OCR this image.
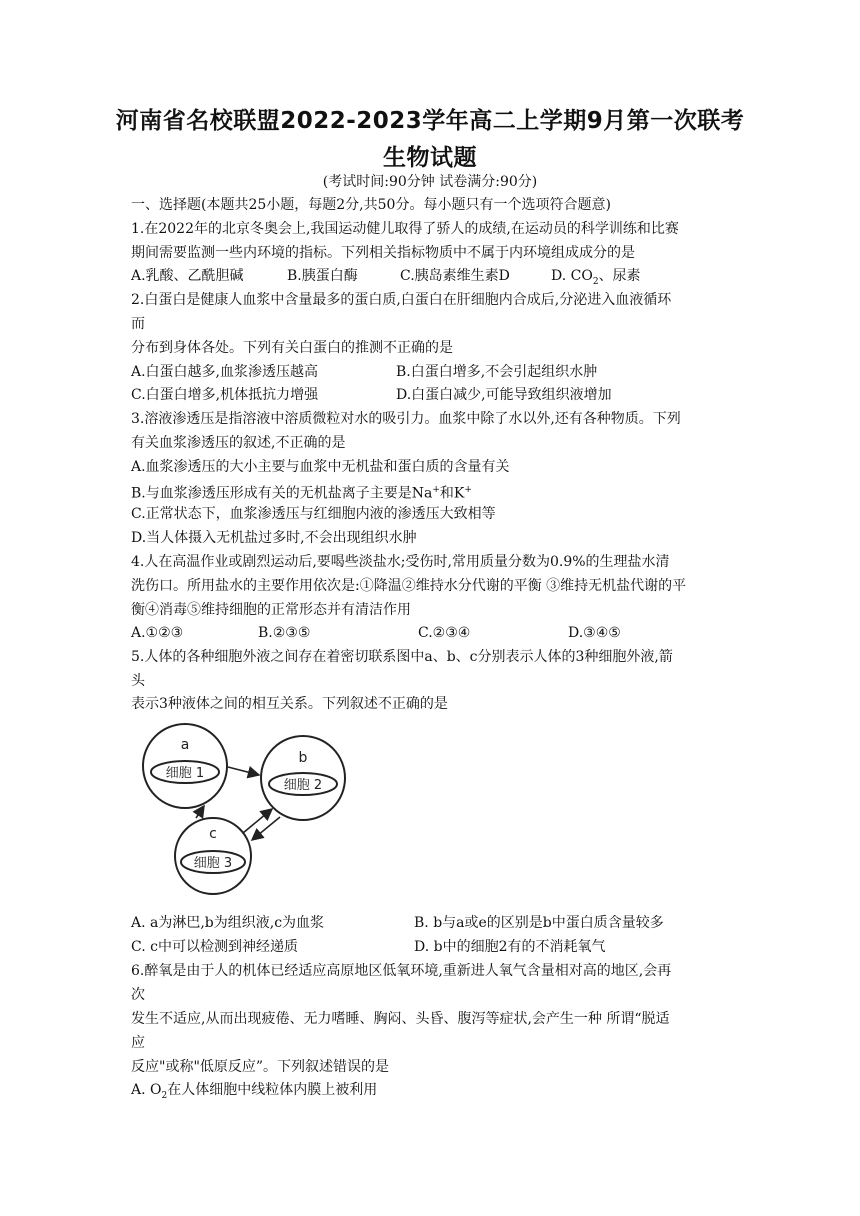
河南省名校联盟2022-2023学年高二上学期9月第一次联考
生物试题
(考试时间:90分钟 试卷满分:90分)
一、选择题(本题共25小题，每题2分,共50分。每小题只有一个选项符合题意)
1.在2022年的北京冬奥会上,我国运动健儿取得了骄人的成绩,在运动员的科学训练和比赛
期间需要监测一些内环境的指标。下列相关指标物质中不属于内环境组成成分的是
A.乳酸、乙酰胆碱	B.胰蛋白酶	C.胰岛素维生素D	D. $CO_2$、尿素
2.白蛋白是健康人血浆中含量最多的蛋白质,白蛋白在肝细胞内合成后,分泌进入血液循环
而
分布到身体各处。下列有关白蛋白的推测不正确的是
A.白蛋白越多,血浆渗透压越高	B.白蛋白增多,不会引起组织水肿
C.白蛋白增多,机体抵抗力增强	D.白蛋白减少,可能导致组织液增加
3.溶液渗透压是指溶液中溶质微粒对水的吸引力。血浆中除了水以外,还有各种物质。下列
有关血浆渗透压的叙述,不正确的是
A.血浆渗透压的大小主要与血浆中无机盐和蛋白质的含量有关
B.与血浆渗透压形成有关的无机盐离子主要是Na+和K+
C.正常状态下，血浆渗透压与红细胞内液的渗透压大致相等
D.当人体摄入无机盐过多时,不会出现组织水肿
4.人在高温作业或剧烈运动后,要喝些淡盐水;受伤时,常用质量分数为0.9%的生理盐水清
洗伤口。所用盐水的主要作用依次是:①降温②维持水分代谢的平衡 ③维持无机盐代谢的平
衡④消毒⑤维持细胞的正常形态并有清洁作用
A.①②③	B.②③⑤	C.②③④	D.③④⑤
5.人体的各种细胞外液之间存在着密切联系图中a、b、c分别表示人体的3种细胞外液,箭
头
表示3种液体之间的相互关系。下列叙述不正确的是
a
细胞 1
b
细胞 2
c
细胞 3
A. a为淋巴,b为组织液,c为血浆	B. b与a或e的区别是b中蛋白质含量较多
C. c中可以检测到神经递质	D. b中的细胞2有的不消耗氧气
6.醉氧是由于人的机体已经适应高原地区低氧环境,重新进人氧气含量相对高的地区,会再
次
发生不适应,从而出现疲倦、无力嗜睡、胸闷、头昏、腹泻等症状,会产生一种 所谓“脱适
应
反应"或称"低原反应”。下列叙述错误的是
A. $O_2$在人体细胞中线粒体内膜上被利用
